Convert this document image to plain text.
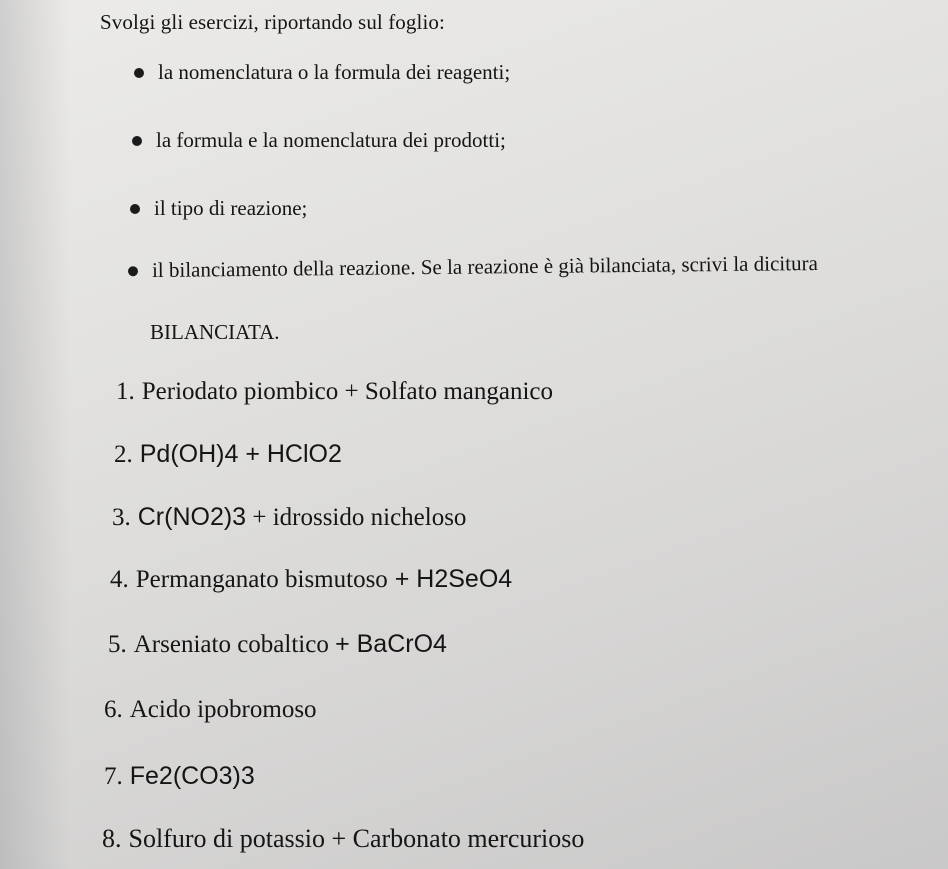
Svolgi gli esercizi, riportando sul foglio:
la nomenclatura o la formula dei reagenti;
la formula e la nomenclatura dei prodotti;
il tipo di reazione;
il bilanciamento della reazione. Se la reazione è già bilanciata, scrivi la dicitura
BILANCIATA.
1. Periodato piombico + Solfato manganico
2. Pd(OH)4 + HClO2
3. Cr(NO2)3 + idrossido nicheloso
4. Permanganato bismutoso + H2SeO4
5. Arseniato cobaltico + BaCrO4
6. Acido ipobromoso
7. Fe2(CO3)3
8. Solfuro di potassio + Carbonato mercurioso
